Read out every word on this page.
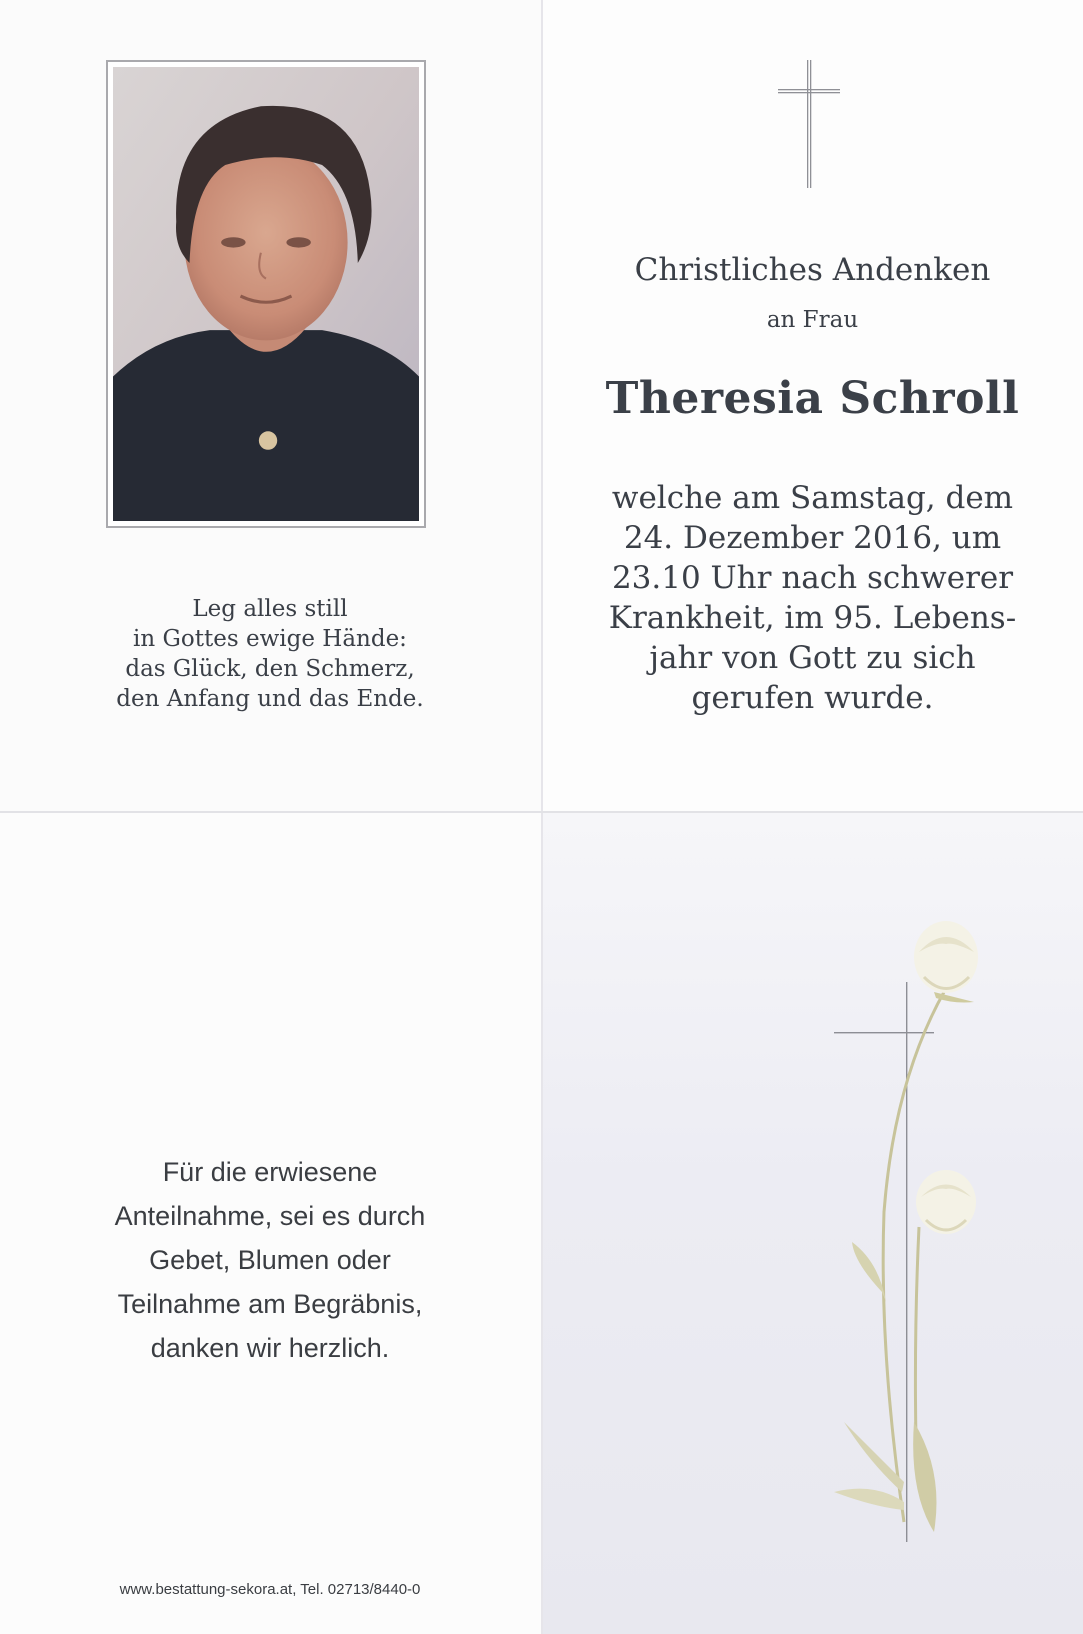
Leg alles still
in Gottes ewige Hände:
das Glück, den Schmerz,
den Anfang und das Ende.
Christliches Andenken
an Frau
Theresia Schroll
welche am Samstag, dem
24. Dezember 2016, um
23.10 Uhr nach schwerer
Krankheit, im 95. Lebens-
jahr von Gott zu sich
gerufen wurde.
Für die erwiesene
Anteilnahme, sei es durch
Gebet, Blumen oder
Teilnahme am Begräbnis,
danken wir herzlich.
www.bestattung-sekora.at, Tel. 02713/8440-0
